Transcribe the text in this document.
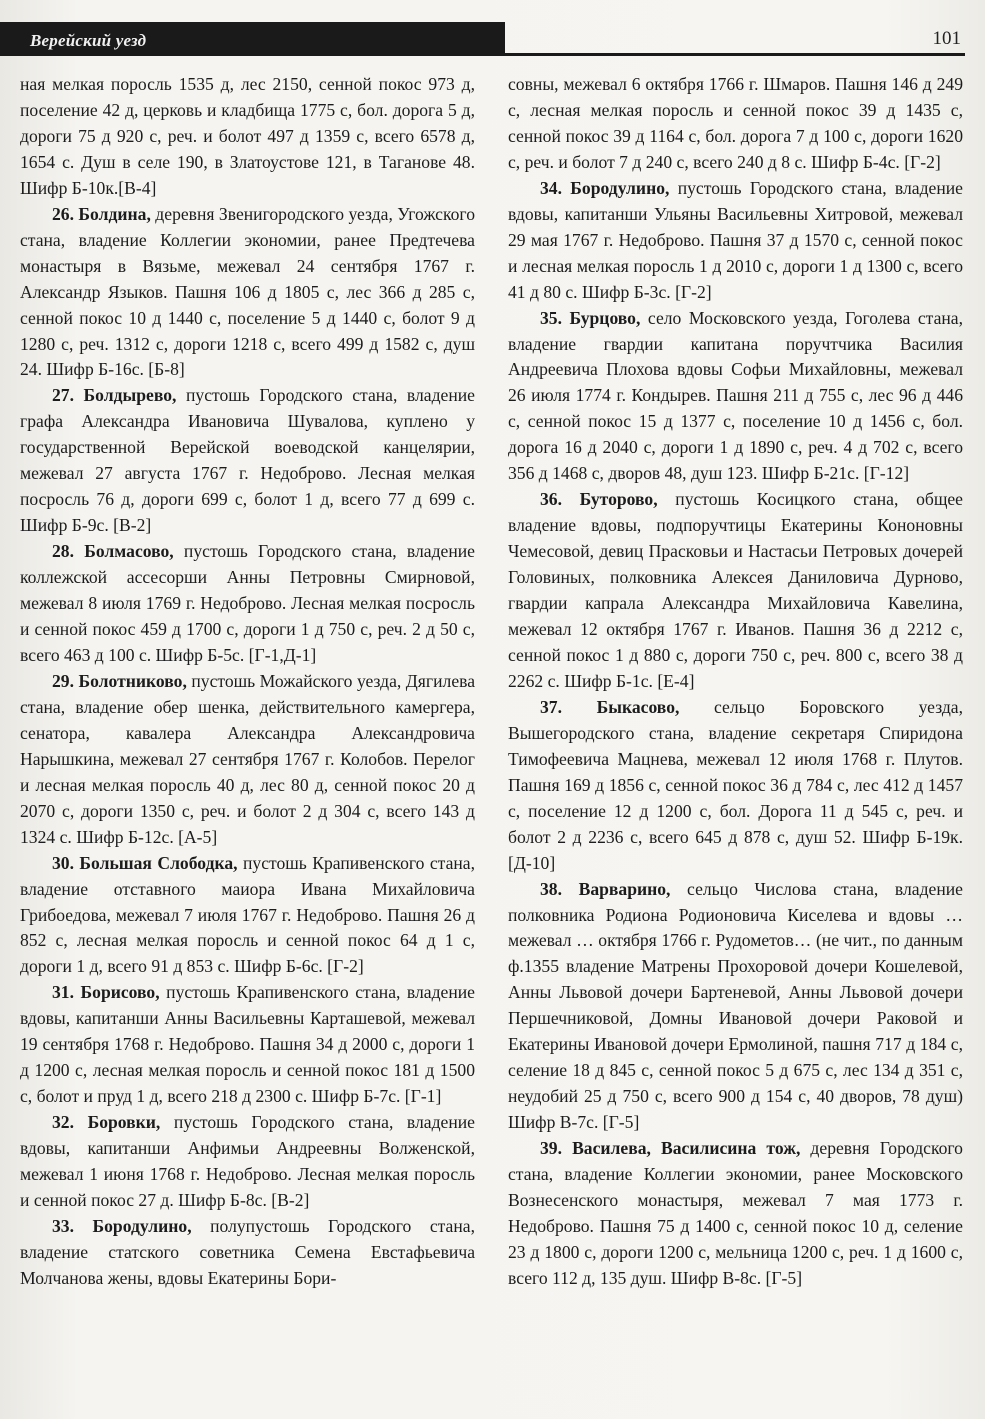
Верейский уезд	101

ная мелкая поросль 1535 д, лес 2150, сенной покос 973 д, поселение 42 д, церковь и кладбища 1775 с, бол. дорога 5 д, дороги 75 д 920 с, реч. и болот 497 д 1359 с, всего 6578 д, 1654 с. Душ в селе 190, в Златоустове 121, в Таганове 48. Шифр Б-10к.[В-4]

26. Болдина, деревня Звенигородского уезда, Угожского стана, владение Коллегии экономии, ранее Предтечева монастыря в Вязьме, межевал 24 сентября 1767 г. Александр Языков. Пашня 106 д 1805 с, лес 366 д 285 с, сенной покос 10 д 1440 с, поселение 5 д 1440 с, болот 9 д 1280 с, реч. 1312 с, дороги 1218 с, всего 499 д 1582 с, душ 24. Шифр Б-16с. [Б-8]

27. Болдырево, пустошь Городского стана, владение графа Александра Ивановича Шувалова, куплено у государственной Верейской воеводской канцелярии, межевал 27 августа 1767 г. Недоброво. Лесная мелкая посросль 76 д, дороги 699 с, болот 1 д, всего 77 д 699 с. Шифр Б-9с. [В-2]

28. Болмасово, пустошь Городского стана, владение коллежской ассесорши Анны Петровны Смирновой, межевал 8 июля 1769 г. Недоброво. Лесная мелкая посросль и сенной покос 459 д 1700 с, дороги 1 д 750 с, реч. 2 д 50 с, всего 463 д 100 с. Шифр Б-5с. [Г-1,Д-1]

29. Болотниково, пустошь Можайского уезда, Дягилева стана, владение обер шенка, действительного камергера, сенатора, кавалера Александра Александровича Нарышкина, межевал 27 сентября 1767 г. Колобов. Перелог и лесная мелкая поросль 40 д, лес 80 д, сенной покос 20 д 2070 с, дороги 1350 с, реч. и болот 2 д 304 с, всего 143 д 1324 с. Шифр Б-12с. [А-5]

30. Большая Слободка, пустошь Крапивенского стана, владение отставного маиора Ивана Михайловича Грибоедова, межевал 7 июля 1767 г. Недоброво. Пашня 26 д 852 с, лесная мелкая поросль и сенной покос 64 д 1 с, дороги 1 д, всего 91 д 853 с. Шифр Б-6с. [Г-2]

31. Борисово, пустошь Крапивенского стана, владение вдовы, капитанши Анны Васильевны Карташевой, межевал 19 сентября 1768 г. Недоброво. Пашня 34 д 2000 с, дороги 1 д 1200 с, лесная мелкая поросль и сенной покос 181 д 1500 с, болот и пруд 1 д, всего 218 д 2300 с. Шифр Б-7с. [Г-1]

32. Боровки, пустошь Городского стана, владение вдовы, капитанши Анфимьи Андреевны Волженской, межевал 1 июня 1768 г. Недоброво. Лесная мелкая поросль и сенной покос 27 д. Шифр Б-8с. [В-2]

33. Бородулино, полупустошь Городского стана, владение статского советника Семена Евстафьевича Молчанова жены, вдовы Екатерины Бори-

совны, межевал 6 октября 1766 г. Шмаров. Пашня 146 д 249 с, лесная мелкая поросль и сенной покос 39 д 1435 с, сенной покос 39 д 1164 с, бол. дорога 7 д 100 с, дороги 1620 с, реч. и болот 7 д 240 с, всего 240 д 8 с. Шифр Б-4с. [Г-2]

34. Бородулино, пустошь Городского стана, владение вдовы, капитанши Ульяны Васильевны Хитровой, межевал 29 мая 1767 г. Недоброво. Пашня 37 д 1570 с, сенной покос и лесная мелкая поросль 1 д 2010 с, дороги 1 д 1300 с, всего 41 д 80 с. Шифр Б-3с. [Г-2]

35. Бурцово, село Московского уезда, Гоголева стана, владение гвардии капитана поручтчика Василия Андреевича Плохова вдовы Софьи Михайловны, межевал 26 июля 1774 г. Кондырев. Пашня 211 д 755 с, лес 96 д 446 с, сенной покос 15 д 1377 с, поселение 10 д 1456 с, бол. дорога 16 д 2040 с, дороги 1 д 1890 с, реч. 4 д 702 с, всего 356 д 1468 с, дворов 48, душ 123. Шифр Б-21с. [Г-12]

36. Буторово, пустошь Косицкого стана, общее владение вдовы, подпоручтицы Екатерины Кононовны Чемесовой, девиц Прасковьи и Настасьи Петровых дочерей Головиных, полковника Алексея Даниловича Дурново, гвардии капрала Александра Михайловича Кавелина, межевал 12 октября 1767 г. Иванов. Пашня 36 д 2212 с, сенной покос 1 д 880 с, дороги 750 с, реч. 800 с, всего 38 д 2262 с. Шифр Б-1с. [Е-4]

37. Быкасово, сельцо Боровского уезда, Вышегородского стана, владение секретаря Спиридона Тимофеевича Мацнева, межевал 12 июля 1768 г. Плутов. Пашня 169 д 1856 с, сенной покос 36 д 784 с, лес 412 д 1457 с, поселение 12 д 1200 с, бол. Дорога 11 д 545 с, реч. и болот 2 д 2236 с, всего 645 д 878 с, душ 52. Шифр Б-19к. [Д-10]

38. Варварино, сельцо Числова стана, владение полковника Родиона Родионовича Киселева и вдовы … межевал … октября 1766 г. Рудометов… (не чит., по данным ф.1355 владение Матрены Прохоровой дочери Кошелевой, Анны Львовой дочери Бартеневой, Анны Львовой дочери Першечниковой, Домны Ивановой дочери Раковой и Екатерины Ивановой дочери Ермолиной, пашня 717 д 184 с, селение 18 д 845 с, сенной покос 5 д 675 с, лес 134 д 351 с, неудобий 25 д 750 с, всего 900 д 154 с, 40 дворов, 78 душ) Шифр В-7с. [Г-5]

39. Василева, Василисина тож, деревня Городского стана, владение Коллегии экономии, ранее Московского Вознесенского монастыря, межевал 7 мая 1773 г. Недоброво. Пашня 75 д 1400 с, сенной покос 10 д, селение 23 д 1800 с, дороги 1200 с, мельница 1200 с, реч. 1 д 1600 с, всего 112 д, 135 душ. Шифр В-8с. [Г-5]
